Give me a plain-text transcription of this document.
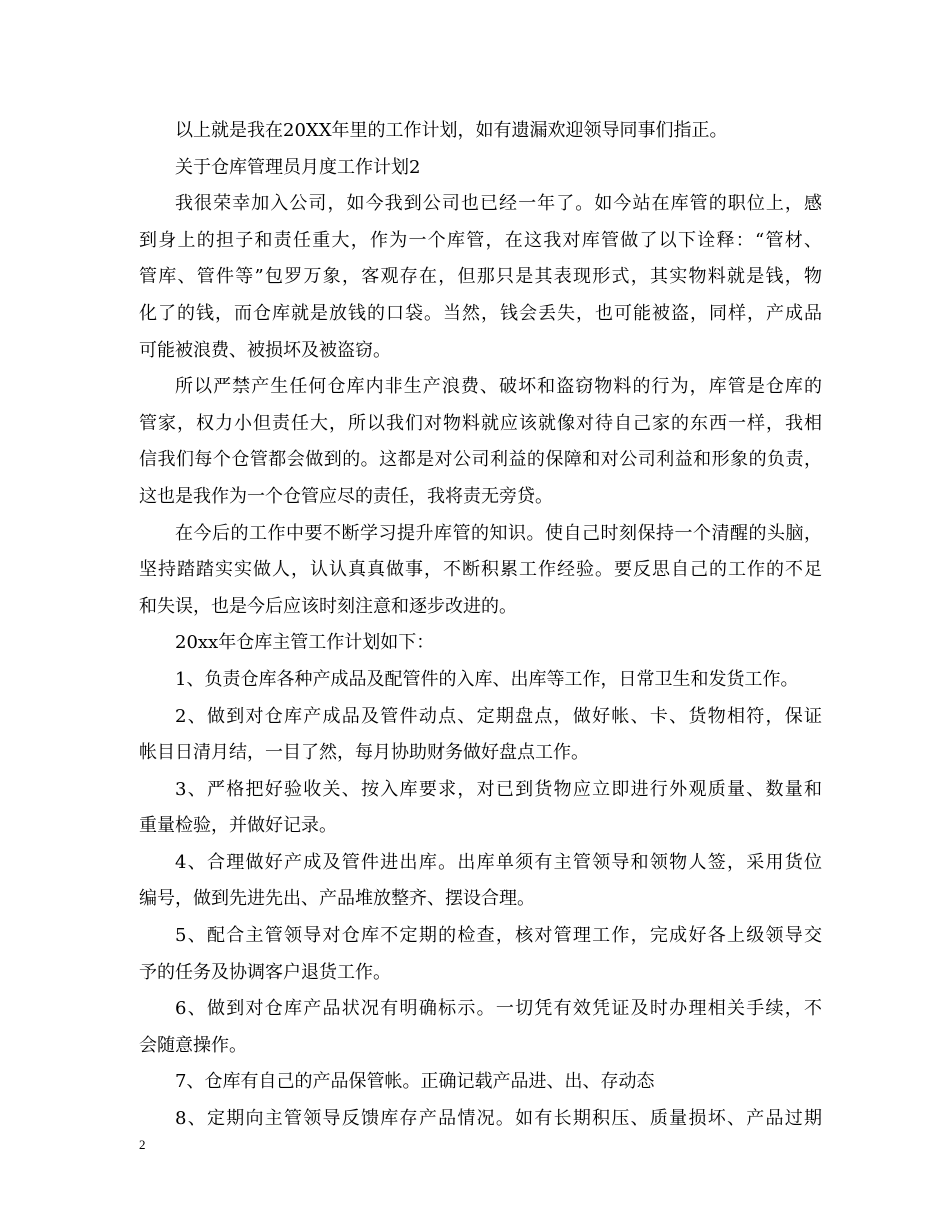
以上就是我在20XX年里的工作计划，如有遗漏欢迎领导同事们指正。
关于仓库管理员月度工作计划2
我很荣幸加入公司，如今我到公司也已经一年了。如今站在库管的职位上，感
到身上的担子和责任重大，作为一个库管，在这我对库管做了以下诠释：“管材、
管库、管件等”包罗万象，客观存在，但那只是其表现形式，其实物料就是钱，物
化了的钱，而仓库就是放钱的口袋。当然，钱会丢失，也可能被盗，同样，产成品
可能被浪费、被损坏及被盗窃。
所以严禁产生任何仓库内非生产浪费、破坏和盗窃物料的行为，库管是仓库的
管家，权力小但责任大，所以我们对物料就应该就像对待自己家的东西一样，我相
信我们每个仓管都会做到的。这都是对公司利益的保障和对公司利益和形象的负责，
这也是我作为一个仓管应尽的责任，我将责无旁贷。
在今后的工作中要不断学习提升库管的知识。使自己时刻保持一个清醒的头脑，
坚持踏踏实实做人，认认真真做事，不断积累工作经验。要反思自己的工作的不足
和失误，也是今后应该时刻注意和逐步改进的。
20xx年仓库主管工作计划如下：
1、负责仓库各种产成品及配管件的入库、出库等工作，日常卫生和发货工作。
2、做到对仓库产成品及管件动点、定期盘点，做好帐、卡、货物相符，保证
帐目日清月结，一目了然，每月协助财务做好盘点工作。
3、严格把好验收关、按入库要求，对已到货物应立即进行外观质量、数量和
重量检验，并做好记录。
4、合理做好产成及管件进出库。出库单须有主管领导和领物人签，采用货位
编号，做到先进先出、产品堆放整齐、摆设合理。
5、配合主管领导对仓库不定期的检查，核对管理工作，完成好各上级领导交
予的任务及协调客户退货工作。
6、做到对仓库产品状况有明确标示。一切凭有效凭证及时办理相关手续，不
会随意操作。
7、仓库有自己的产品保管帐。正确记载产品进、出、存动态
8、定期向主管领导反馈库存产品情况。如有长期积压、质量损坏、产品过期
2
